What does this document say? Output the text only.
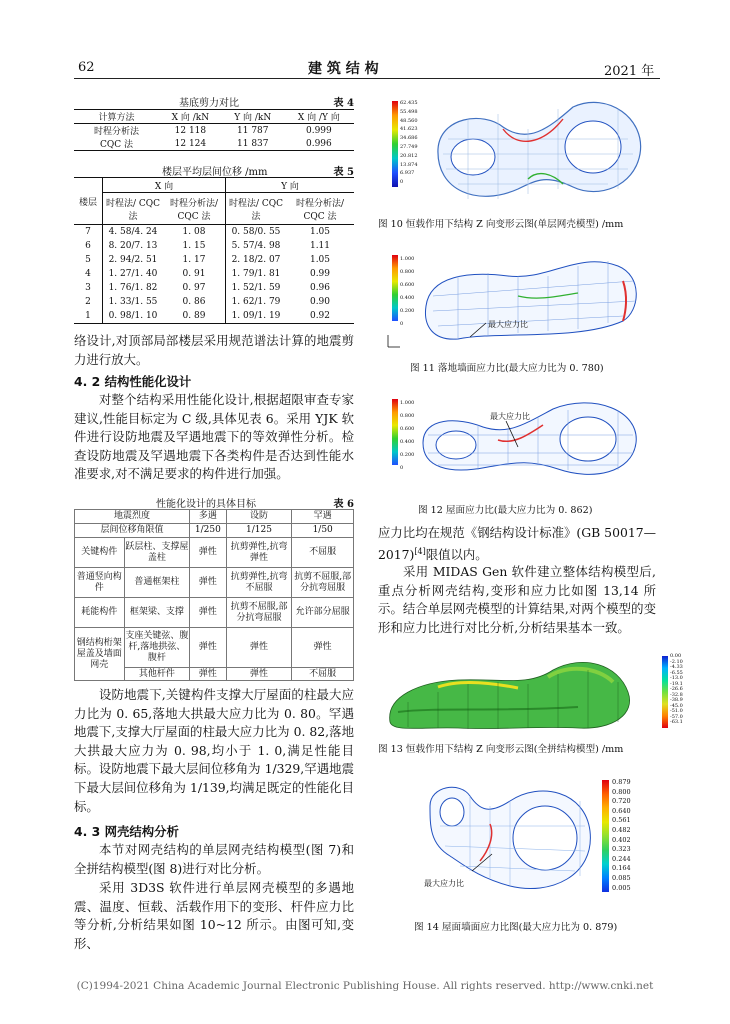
62	建 筑 结 构	2021 年
基底剪力对比	表 4
计算方法	X 向 /kN	Y 向 /kN	X 向 /Y 向
时程分析法	12 118	11 787	0.999
CQC 法	12 124	11 837	0.996
楼层平均层间位移 /mm	表 5
楼层	X 向		Y 向	
	时程法/ CQC 法	时程分析法/ CQC 法	时程法/ CQC 法	时程分析法/ CQC 法
7	4. 58/4. 24	1. 08	0. 58/0. 55	1.05
6	8. 20/7. 13	1. 15	5. 57/4. 98	1.11
5	2. 94/2. 51	1. 17	2. 18/2. 07	1.05
4	1. 27/1. 40	0. 91	1. 79/1. 81	0.99
3	1. 76/1. 82	0. 97	1. 52/1. 59	0.96
2	1. 33/1. 55	0. 86	1. 62/1. 79	0.90
1	0. 98/1. 10	0. 89	1. 09/1. 19	0.92
络设计,对顶部局部楼层采用规范谱法计算的地震剪力进行放大。
4. 2 结构性能化设计
对整个结构采用性能化设计,根据超限审查专家建议,性能目标定为 C 级,具体见表 6。采用 YJK 软件进行设防地震及罕遇地震下的等效弹性分析。检查设防地震及罕遇地震下各类构件是否达到性能水准要求,对不满足要求的构件进行加强。
性能化设计的具体目标	表 6
地震烈度		多遇	设防	罕遇
层间位移角限值		1/250	1/125	1/50
关键构件	跃层柱、支撑屋盖柱	弹性	抗剪弹性,抗弯弹性	不屈服
普通竖向构件	普通框架柱	弹性	抗剪弹性,抗弯不屈服	抗剪不屈服,部分抗弯屈服
耗能构件	框架梁、支撑	弹性	抗剪不屈服,部分抗弯屈服	允许部分屈服
钢结构桁架屋盖及墙面网壳	支座关键弦、腹杆,落地拱弦、腹杆	弹性	弹性	弹性
	其他杆件	弹性	弹性	不屈服
设防地震下,关键构件支撑大厅屋面的柱最大应力比为 0. 65,落地大拱最大应力比为 0. 80。罕遇地震下,支撑大厅屋面的柱最大应力比为 0. 82,落地大拱最大应力为 0. 98,均小于 1. 0,满足性能目标。设防地震下最大层间位移角为 1/329,罕遇地震下最大层间位移角为 1/139,均满足既定的性能化目标。
4. 3 网壳结构分析
本节对网壳结构的单层网壳结构模型(图 7)和全拼结构模型(图 8)进行对比分析。
采用 3D3S 软件进行单层网壳模型的多遇地震、温度、恒载、活载作用下的变形、杆件应力比等分析,分析结果如图 10~12 所示。由图可知,变形、
62.435
55.498
48.560
41.623
34.686
27.749
20.812
13.874
6.937
0
图 10 恒载作用下结构 Z 向变形云图(单层网壳模型) /mm
1.000
0.800
0.600
0.400
0.200
0	最大应力比
图 11 落地墙面应力比(最大应力比为 0. 780)
1.000
0.800
0.600
0.400
0.200
0
最大应力比
图 12 屋面应力比(最大应力比为 0. 862)
应力比均在规范《钢结构设计标准》(GB 50017—2017)[4]限值以内。
采用 MIDAS Gen 软件建立整体结构模型后,重点分析网壳结构,变形和应力比如图 13,14 所示。结合单层网壳模型的计算结果,对两个模型的变形和应力比进行对比分析,分析结果基本一致。
0.00
-2.10
-4.33
-6.55
-13.0
-19.1
-26.6
-32.8
-38.9
-45.0
-51.0
-57.0
-63.1
图 13 恒载作用下结构 Z 向变形云图(全拼结构模型) /mm
最大应力比
0.879
0.800
0.720
0.640
0.561
0.482
0.402
0.323
0.244
0.164
0.085
0.005
图 14 屋面墙面应力比图(最大应力比为 0. 879)
(C)1994-2021 China Academic Journal Electronic Publishing House. All rights reserved. http://www.cnki.net
